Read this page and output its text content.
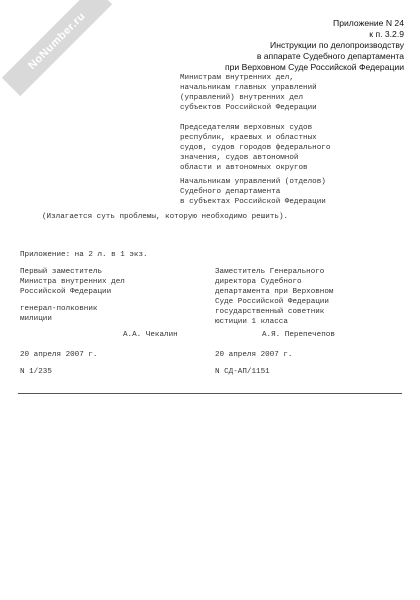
NoNumber.ru	Приложение N 24
к п. 3.2.9
Инструкции по делопроизводству
в аппарате Судебного департамента
при Верховном Суде Российской Федерации
Министрам внутренних дел,
начальникам главных управлений
(управлений) внутренних дел
субъектов Российской Федерации
Председателям верховных судов
республик, краевых и областных
судов, судов городов федерального
значения, судов автономной
области и автономных округов
Начальникам управлений (отделов)
Судебного департамента
в субъектах Российской Федерации
(Излагается суть проблемы, которую необходимо решить).
Приложение: на 2 л. в 1 экз.
Первый заместитель
Министра внутренних дел
Российской Федерации
генерал-полковник
милиции
А.А. Чекалин
20 апреля 2007 г.
N 1/235
Заместитель Генерального
директора Судебного
департамента при Верховном
Суде Российской Федерации
государственный советник
юстиции 1 класса
А.Я. Перепечепов
20 апреля 2007 г.
N СД-АП/1151
